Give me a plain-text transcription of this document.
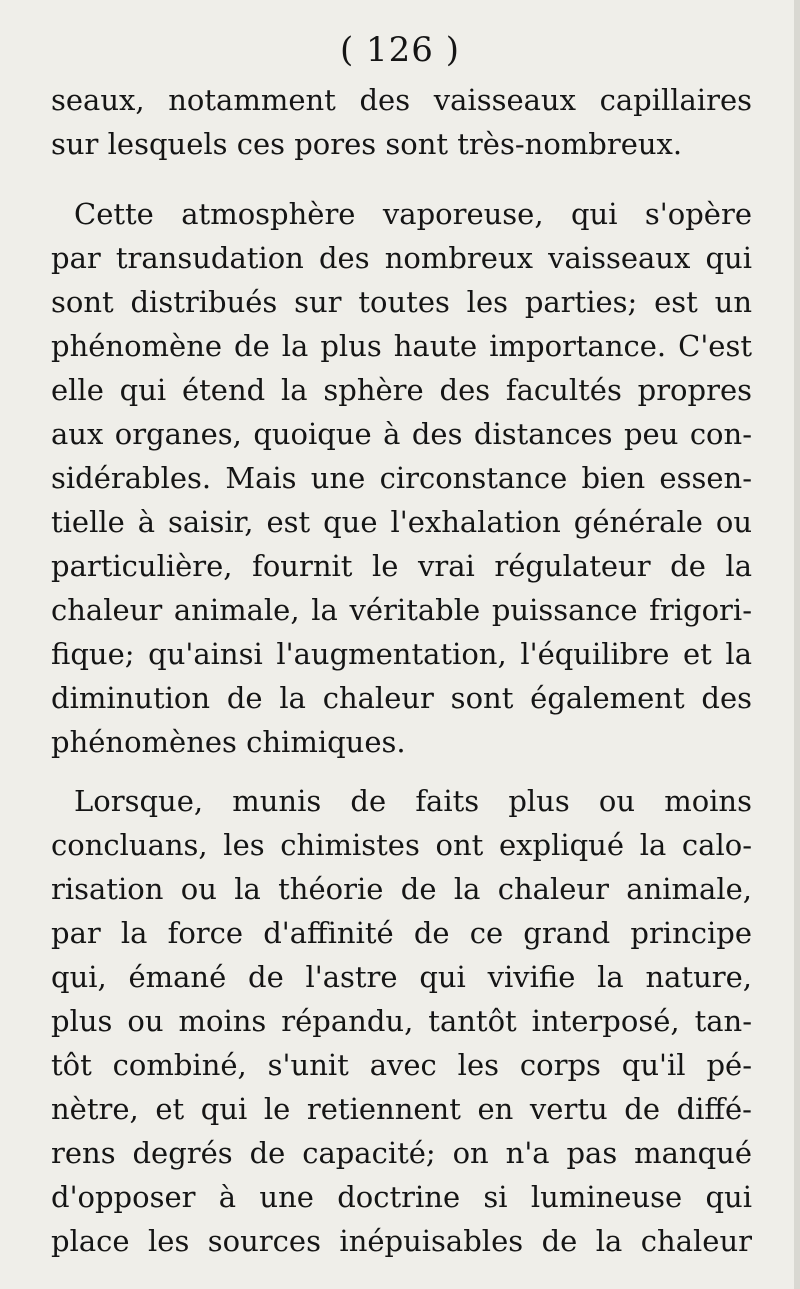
( 126 )
seaux, notamment des vaisseaux capillaires
sur lesquels ces pores sont très-nombreux.
Cette atmosphère vaporeuse, qui s'opère
par transudation des nombreux vaisseaux qui
sont distribués sur toutes les parties; est un
phénomène de la plus haute importance. C'est
elle qui étend la sphère des facultés propres
aux organes, quoique à des distances peu con-
sidérables. Mais une circonstance bien essen-
tielle à saisir, est que l'exhalation générale ou
particulière, fournit le vrai régulateur de la
chaleur animale, la véritable puissance frigori-
fique; qu'ainsi l'augmentation, l'équilibre et la
diminution de la chaleur sont également des
phénomènes chimiques.
Lorsque, munis de faits plus ou moins
concluans, les chimistes ont expliqué la calo-
risation ou la théorie de la chaleur animale,
par la force d'affinité de ce grand principe
qui, émané de l'astre qui vivifie la nature,
plus ou moins répandu, tantôt interposé, tan-
tôt combiné, s'unit avec les corps qu'il pé-
nètre, et qui le retiennent en vertu de diffé-
rens degrés de capacité; on n'a pas manqué
d'opposer à une doctrine si lumineuse qui
place les sources inépuisables de la chaleur
